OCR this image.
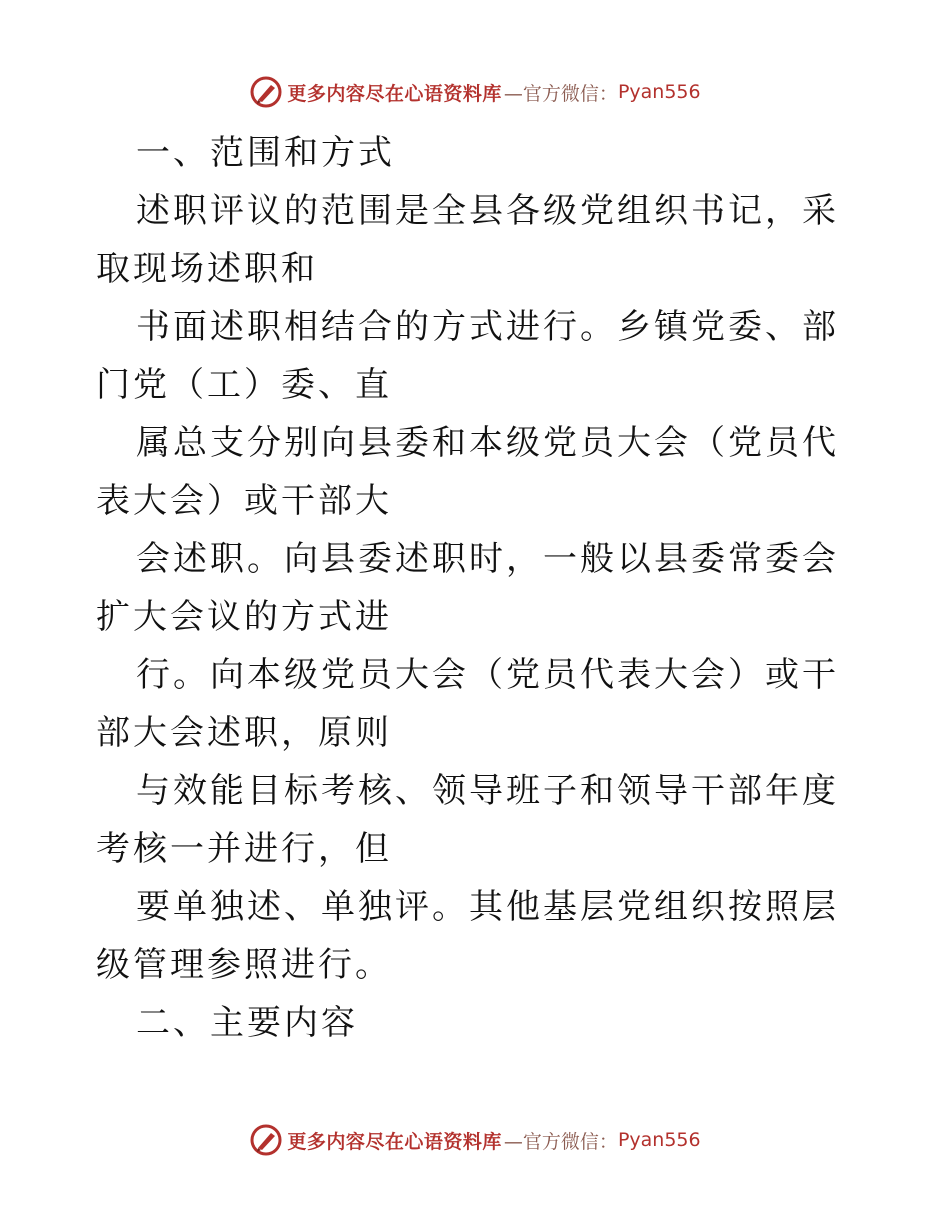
更多内容尽在心语资料库 —官方微信： Pyan556

一、范围和方式

述职评议的范围是全县各级党组织书记，采取现场述职和

书面述职相结合的方式进行。乡镇党委、部门党（工）委、直

属总支分别向县委和本级党员大会（党员代表大会）或干部大

会述职。向县委述职时，一般以县委常委会扩大会议的方式进

行。向本级党员大会（党员代表大会）或干部大会述职，原则

与效能目标考核、领导班子和领导干部年度考核一并进行，但

要单独述、单独评。其他基层党组织按照层级管理参照进行。

二、主要内容

更多内容尽在心语资料库 —官方微信： Pyan556
